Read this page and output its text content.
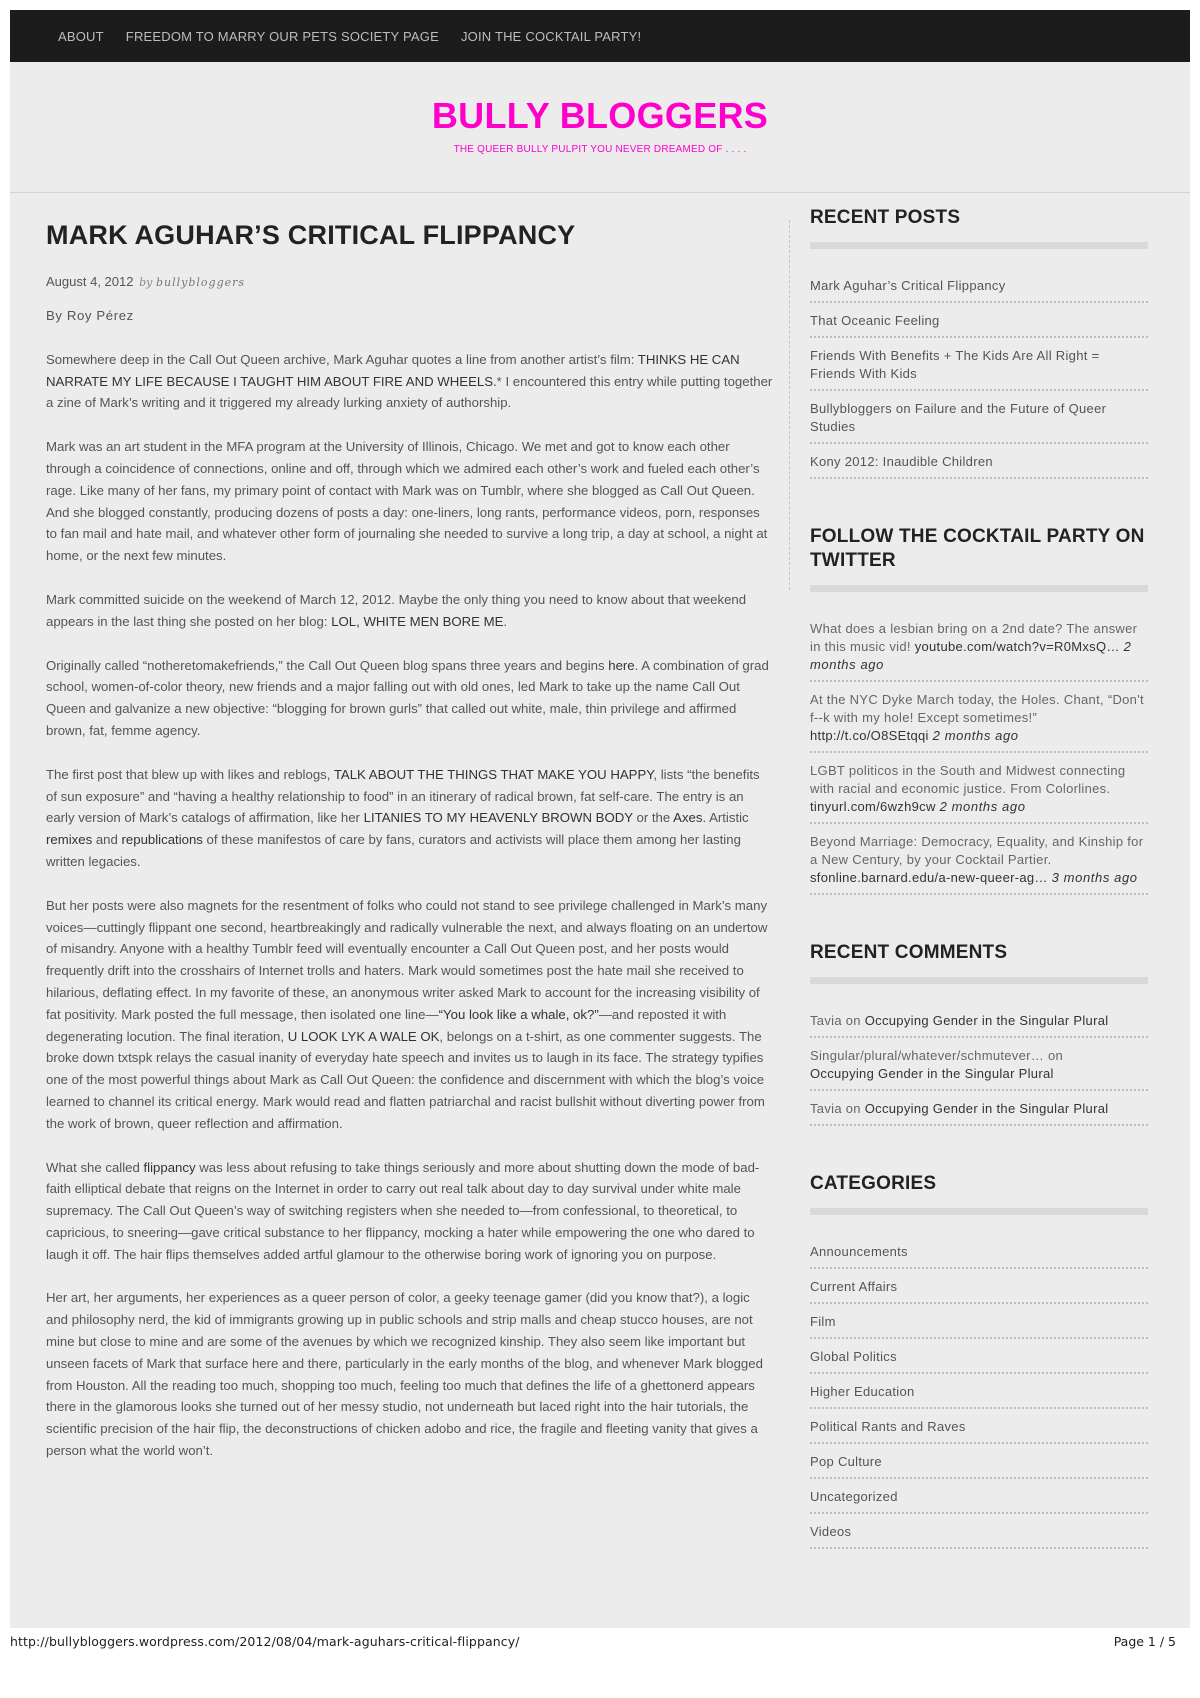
ABOUT FREEDOM TO MARRY OUR PETS SOCIETY PAGE JOIN THE COCKTAIL PARTY!
BULLY BLOGGERS
THE QUEER BULLY PULPIT YOU NEVER DREAMED OF . . . .
MARK AGUHAR’S CRITICAL FLIPPANCY
August 4, 2012 by bullybloggers

By Roy Pérez

Somewhere deep in the Call Out Queen archive, Mark Aguhar quotes a line from another artist’s film: THINKS HE CAN NARRATE MY LIFE BECAUSE I TAUGHT HIM ABOUT FIRE AND WHEELS.* I encountered this entry while putting together a zine of Mark’s writing and it triggered my already lurking anxiety of authorship.

Mark was an art student in the MFA program at the University of Illinois, Chicago. We met and got to know each other through a coincidence of connections, online and off, through which we admired each other’s work and fueled each other’s rage. Like many of her fans, my primary point of contact with Mark was on Tumblr, where she blogged as Call Out Queen. And she blogged constantly, producing dozens of posts a day: one-liners, long rants, performance videos, porn, responses to fan mail and hate mail, and whatever other form of journaling she needed to survive a long trip, a day at school, a night at home, or the next few minutes.

Mark committed suicide on the weekend of March 12, 2012. Maybe the only thing you need to know about that weekend appears in the last thing she posted on her blog: LOL, WHITE MEN BORE ME.

Originally called “notheretomakefriends,” the Call Out Queen blog spans three years and begins here. A combination of grad school, women-of-color theory, new friends and a major falling out with old ones, led Mark to take up the name Call Out Queen and galvanize a new objective: “blogging for brown gurls” that called out white, male, thin privilege and affirmed brown, fat, femme agency.

The first post that blew up with likes and reblogs, TALK ABOUT THE THINGS THAT MAKE YOU HAPPY, lists “the benefits of sun exposure” and “having a healthy relationship to food” in an itinerary of radical brown, fat self-care. The entry is an early version of Mark’s catalogs of affirmation, like her LITANIES TO MY HEAVENLY BROWN BODY or the Axes. Artistic remixes and republications of these manifestos of care by fans, curators and activists will place them among her lasting written legacies.

But her posts were also magnets for the resentment of folks who could not stand to see privilege challenged in Mark’s many voices—cuttingly flippant one second, heartbreakingly and radically vulnerable the next, and always floating on an undertow of misandry. Anyone with a healthy Tumblr feed will eventually encounter a Call Out Queen post, and her posts would frequently drift into the crosshairs of Internet trolls and haters. Mark would sometimes post the hate mail she received to hilarious, deflating effect. In my favorite of these, an anonymous writer asked Mark to account for the increasing visibility of fat positivity. Mark posted the full message, then isolated one line—“You look like a whale, ok?”—and reposted it with degenerating locution. The final iteration, U LOOK LYK A WALE OK, belongs on a t-shirt, as one commenter suggests. The broke down txtspk relays the casual inanity of everyday hate speech and invites us to laugh in its face. The strategy typifies one of the most powerful things about Mark as Call Out Queen: the confidence and discernment with which the blog’s voice learned to channel its critical energy. Mark would read and flatten patriarchal and racist bullshit without diverting power from the work of brown, queer reflection and affirmation.

What she called flippancy was less about refusing to take things seriously and more about shutting down the mode of bad-faith elliptical debate that reigns on the Internet in order to carry out real talk about day to day survival under white male supremacy. The Call Out Queen’s way of switching registers when she needed to—from confessional, to theoretical, to capricious, to sneering—gave critical substance to her flippancy, mocking a hater while empowering the one who dared to laugh it off. The hair flips themselves added artful glamour to the otherwise boring work of ignoring you on purpose.

Her art, her arguments, her experiences as a queer person of color, a geeky teenage gamer (did you know that?), a logic and philosophy nerd, the kid of immigrants growing up in public schools and strip malls and cheap stucco houses, are not mine but close to mine and are some of the avenues by which we recognized kinship. They also seem like important but unseen facets of Mark that surface here and there, particularly in the early months of the blog, and whenever Mark blogged from Houston. All the reading too much, shopping too much, feeling too much that defines the life of a ghettonerd appears there in the glamorous looks she turned out of her messy studio, not underneath but laced right into the hair tutorials, the scientific precision of the hair flip, the deconstructions of chicken adobo and rice, the fragile and fleeting vanity that gives a person what the world won’t.

RECENT POSTS
Mark Aguhar’s Critical Flippancy
That Oceanic Feeling
Friends With Benefits + The Kids Are All Right = Friends With Kids
Bullybloggers on Failure and the Future of Queer Studies
Kony 2012: Inaudible Children
FOLLOW THE COCKTAIL PARTY ON TWITTER
What does a lesbian bring on a 2nd date? The answer in this music vid! youtube.com/watch?v=R0MxsQ… 2 months ago
At the NYC Dyke March today, the Holes. Chant, “Don't f--k with my hole! Except sometimes!” http://t.co/O8SEtqqi 2 months ago
LGBT politicos in the South and Midwest connecting with racial and economic justice. From Colorlines. tinyurl.com/6wzh9cw 2 months ago
Beyond Marriage: Democracy, Equality, and Kinship for a New Century, by your Cocktail Partier. sfonline.barnard.edu/a-new-queer-ag… 3 months ago
RECENT COMMENTS
Tavia on Occupying Gender in the Singular Plural
Singular/plural/whatever/schmutever… on
Occupying Gender in the Singular Plural
Tavia on Occupying Gender in the Singular Plural
CATEGORIES
Announcements
Current Affairs
Film
Global Politics
Higher Education
Political Rants and Raves
Pop Culture
Uncategorized
Videos
http://bullybloggers.wordpress.com/2012/08/04/mark-aguhars-critical-flippancy/	Page 1 / 5
